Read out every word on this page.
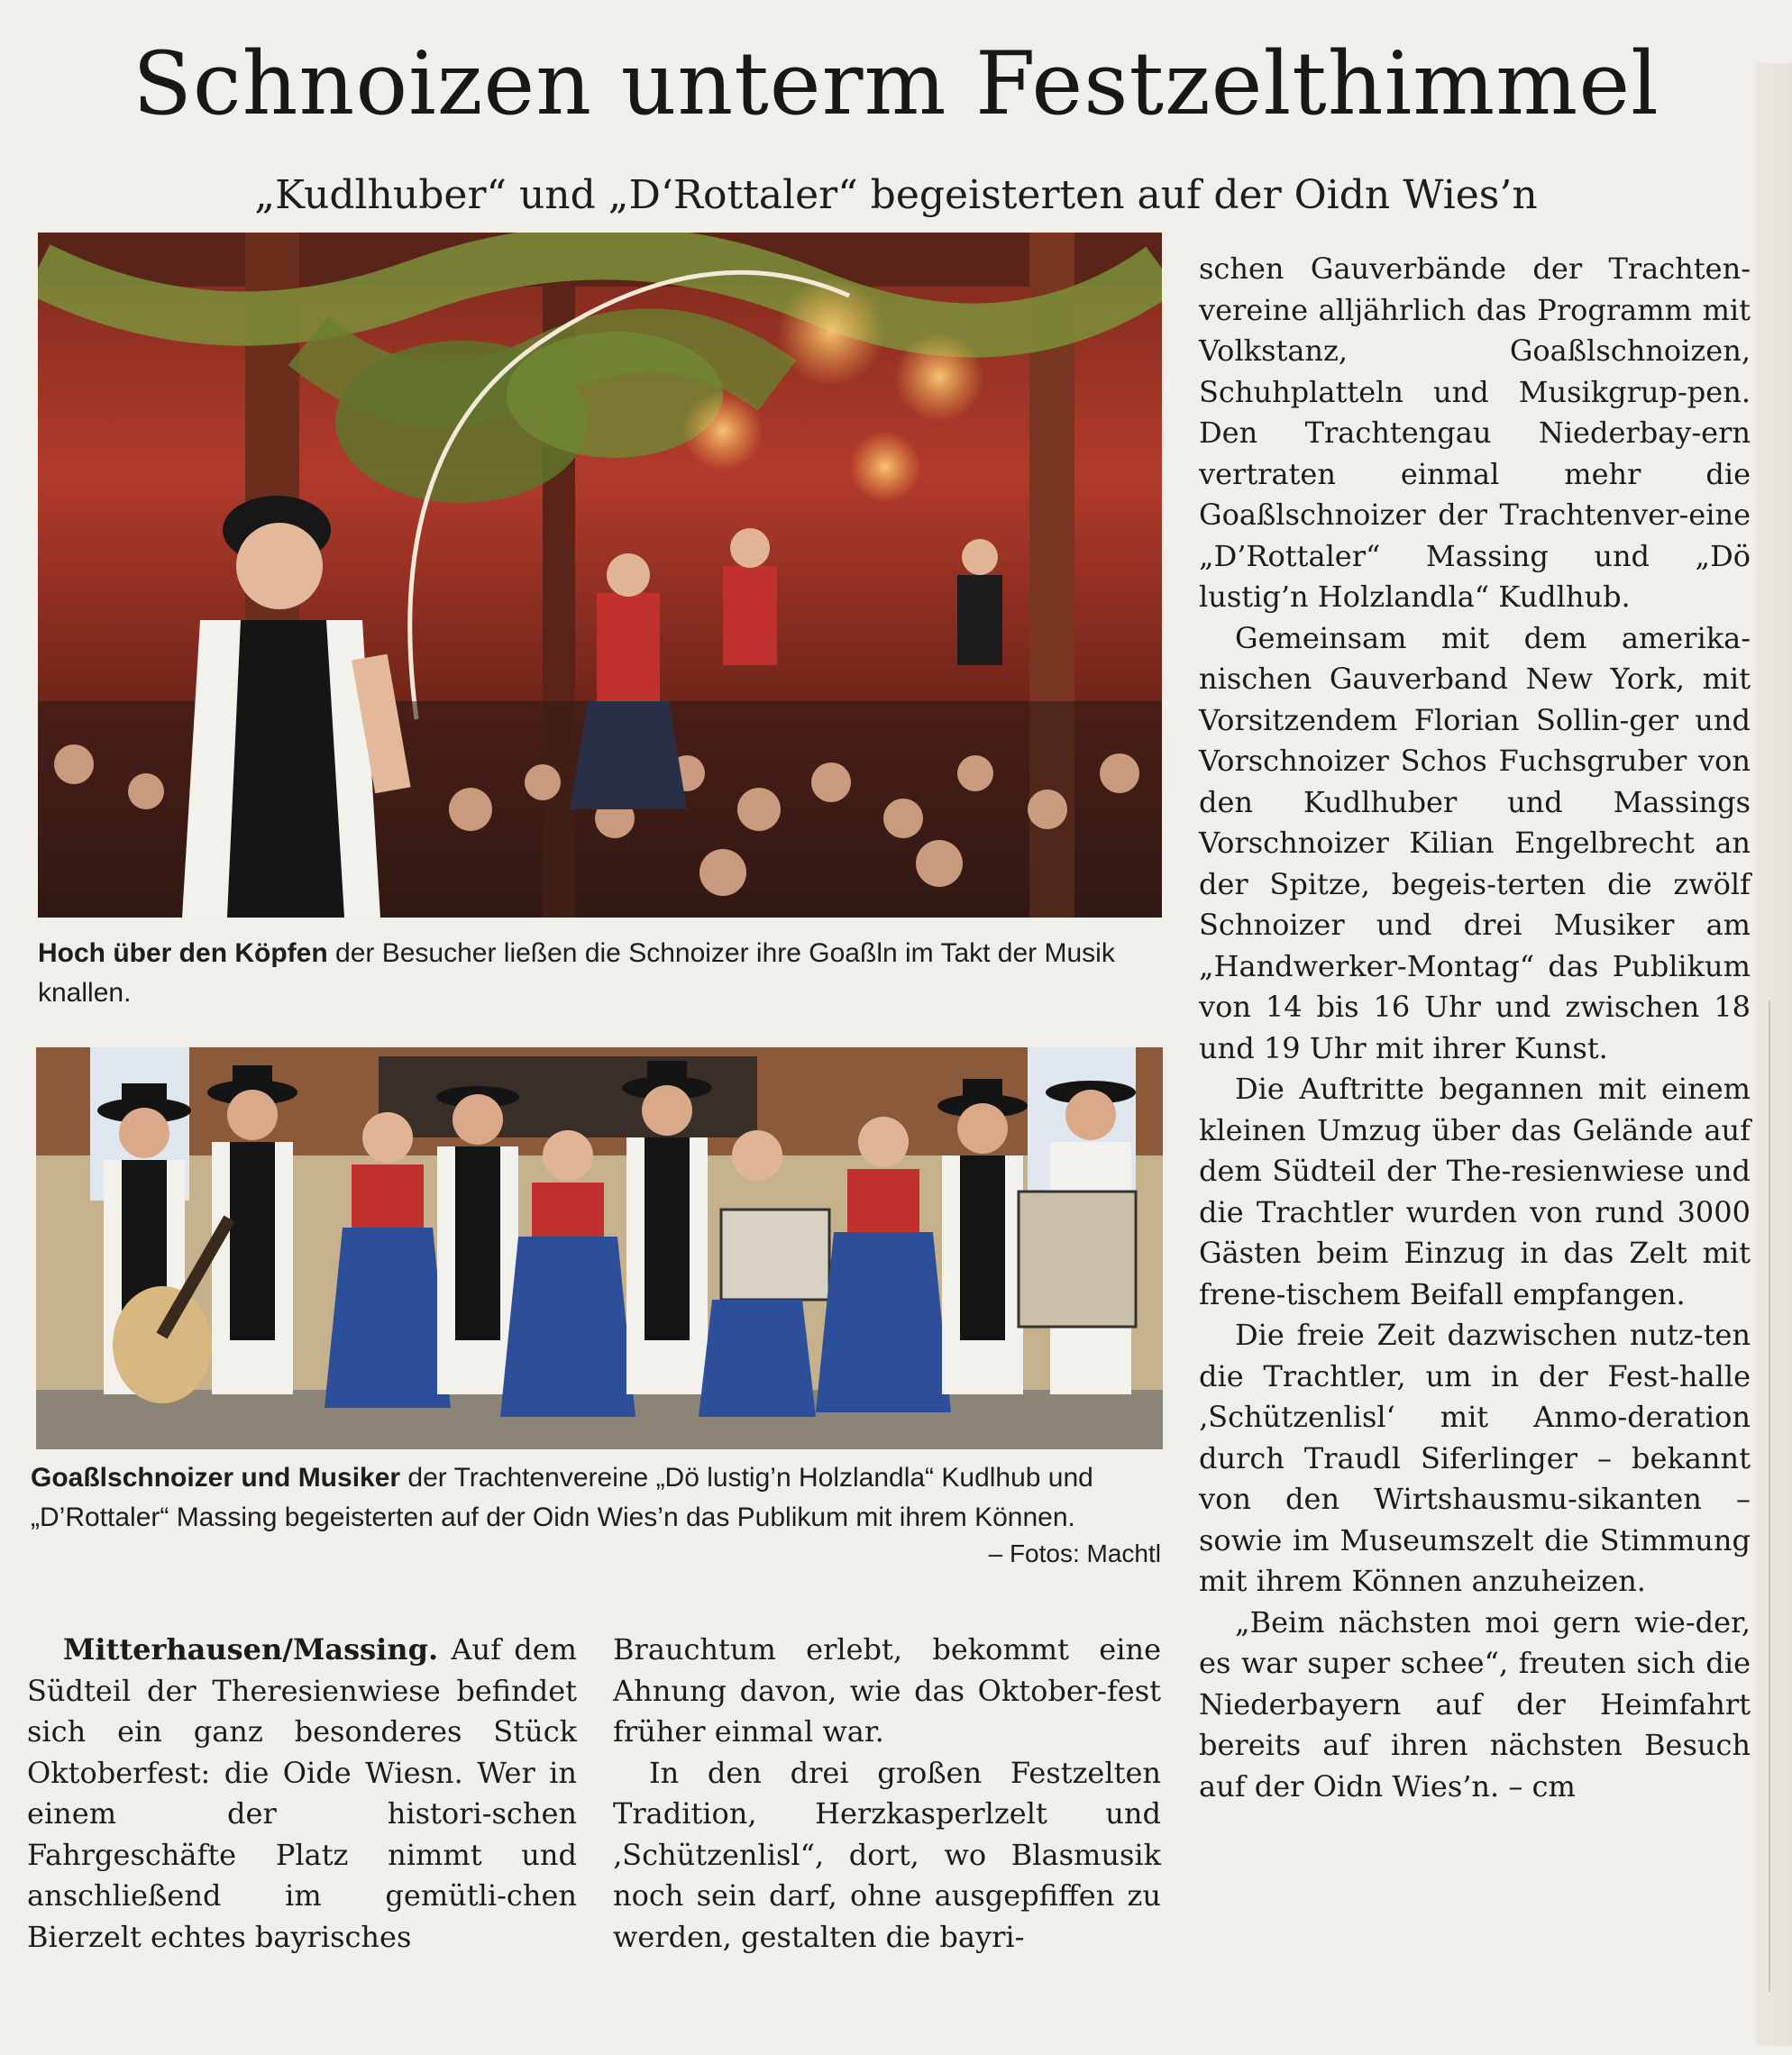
Schnoizen unterm Festzelthimmel
„Kudlhuber“ und „D‘Rottaler“ begeisterten auf der Oidn Wies’n

Hoch über den Köpfen der Besucher ließen die Schnoizer ihre Goaßln im Takt der Musik knallen.

Goaßlschnoizer und Musiker der Trachtenvereine „Dö lustig’n Holzlandla“ Kudlhub und „D’Rottaler“ Massing begeisterten auf der Oidn Wies’n das Publikum mit ihrem Können.

– Fotos: Machtl

Mitterhausen/Massing. Auf dem Südteil der Theresienwiese befindet sich ein ganz besonderes Stück Oktoberfest: die Oide Wiesn. Wer in einem der histori-schen Fahrgeschäfte Platz nimmt und anschließend im gemütli-chen Bierzelt echtes bayrisches

Brauchtum erlebt, bekommt eine Ahnung davon, wie das Oktober-fest früher einmal war.

In den drei großen Festzelten Tradition, Herzkasperlzelt und ‚Schützenlisl“, dort, wo Blasmusik noch sein darf, ohne ausgepfiffen zu werden, gestalten die bayri-

schen Gauverbände der Trachten-vereine alljährlich das Programm mit Volkstanz, Goaßlschnoizen, Schuhplatteln und Musikgrup-pen. Den Trachtengau Niederbay-ern vertraten einmal mehr die Goaßlschnoizer der Trachtenver-eine „D’Rottaler“ Massing und „Dö lustig’n Holzlandla“ Kudlhub.

Gemeinsam mit dem amerika-nischen Gauverband New York, mit Vorsitzendem Florian Sollin-ger und Vorschnoizer Schos Fuchsgruber von den Kudlhuber und Massings Vorschnoizer Kilian Engelbrecht an der Spitze, begeis-terten die zwölf Schnoizer und drei Musiker am „Handwerker-Montag“ das Publikum von 14 bis 16 Uhr und zwischen 18 und 19 Uhr mit ihrer Kunst.

Die Auftritte begannen mit einem kleinen Umzug über das Gelände auf dem Südteil der The-resienwiese und die Trachtler wurden von rund 3000 Gästen beim Einzug in das Zelt mit frene-tischem Beifall empfangen.

Die freie Zeit dazwischen nutz-ten die Trachtler, um in der Fest-halle ‚Schützenlisl‘ mit Anmo-deration durch Traudl Siferlinger – bekannt von den Wirtshausmu-sikanten – sowie im Museumszelt die Stimmung mit ihrem Können anzuheizen.

„Beim nächsten moi gern wie-der, es war super schee“, freuten sich die Niederbayern auf der Heimfahrt bereits auf ihren nächsten Besuch auf der Oidn Wies’n. – cm
